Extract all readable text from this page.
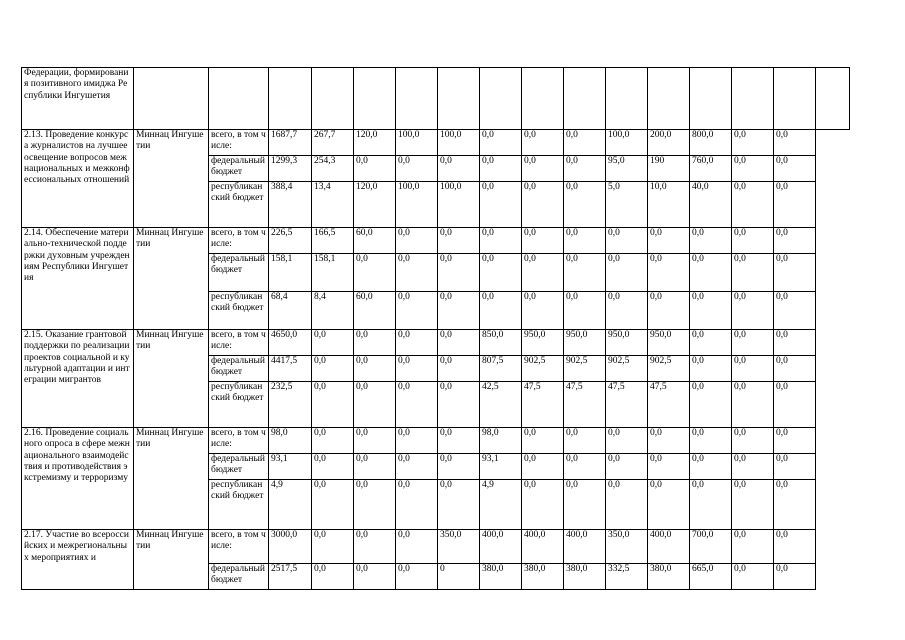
Федерации, формирования позитивного имиджа Республики Ингушетия																
2.13. Проведение конкурса журналистов на лучшее освещение вопросов межнациональных и межконфессиональных отношений	Миннац Ингушетии	всего, в том числе:	1687,7	267,7	120,0	100,0	100,0	0,0	0,0	0,0	100,0	200,0	800,0	0,0	0,0	
		федеральный бюджет	1299,3	254,3	0,0	0,0	0,0	0,0	0,0	0,0	95,0	190	760,0	0,0	0,0	
		республиканский бюджет	388,4	13,4	120,0	100,0	100,0	0,0	0,0	0,0	5,0	10,0	40,0	0,0	0,0	
2.14. Обеспечение материально-технической поддержки духовным учреждениям Республики Ингушетия	Миннац Ингушетии	всего, в том числе:	226,5	166,5	60,0	0,0	0,0	0,0	0,0	0,0	0,0	0,0	0,0	0,0	0,0	
		федеральный бюджет	158,1	158,1	0,0	0,0	0,0	0,0	0,0	0,0	0,0	0,0	0,0	0,0	0,0	
		республиканский бюджет	68,4	8,4	60,0	0,0	0,0	0,0	0,0	0,0	0,0	0,0	0,0	0,0	0,0	
2.15. Оказание грантовой поддержки по реализации проектов социальной и культурной адаптации и интеграции мигрантов	Миннац Ингушетии	всего, в том числе:	4650,0	0,0	0,0	0,0	0,0	850,0	950,0	950,0	950,0	950,0	0,0	0,0	0,0	
		федеральный бюджет	4417,5	0,0	0,0	0,0	0,0	807,5	902,5	902,5	902,5	902,5	0,0	0,0	0,0	
		республиканский бюджет	232,5	0,0	0,0	0,0	0,0	42,5	47,5	47,5	47,5	47,5	0,0	0,0	0,0	
2.16. Проведение социального опроса в сфере межнационального взаимодействия и противодействия экстремизму и терроризму	Миннац Ингушетии	всего, в том числе:	98,0	0,0	0,0	0,0	0,0	98,0	0,0	0,0	0,0	0,0	0,0	0,0	0,0	
		федеральный бюджет	93,1	0,0	0,0	0,0	0,0	93,1	0,0	0,0	0,0	0,0	0,0	0,0	0,0	
		республиканский бюджет	4,9	0,0	0,0	0,0	0,0	4,9	0,0	0,0	0,0	0,0	0,0	0,0	0,0	
2.17. Участие во всероссийских и межрегиональных мероприятиях и	Миннац Ингушетии	всего, в том числе:	3000,0	0,0	0,0	0,0	350,0	400,0	400,0	400,0	350,0	400,0	700,0	0,0	0,0	
		федеральный бюджет	2517,5	0,0	0,0	0,0	0	380,0	380,0	380,0	332,5	380,0	665,0	0,0	0,0	
